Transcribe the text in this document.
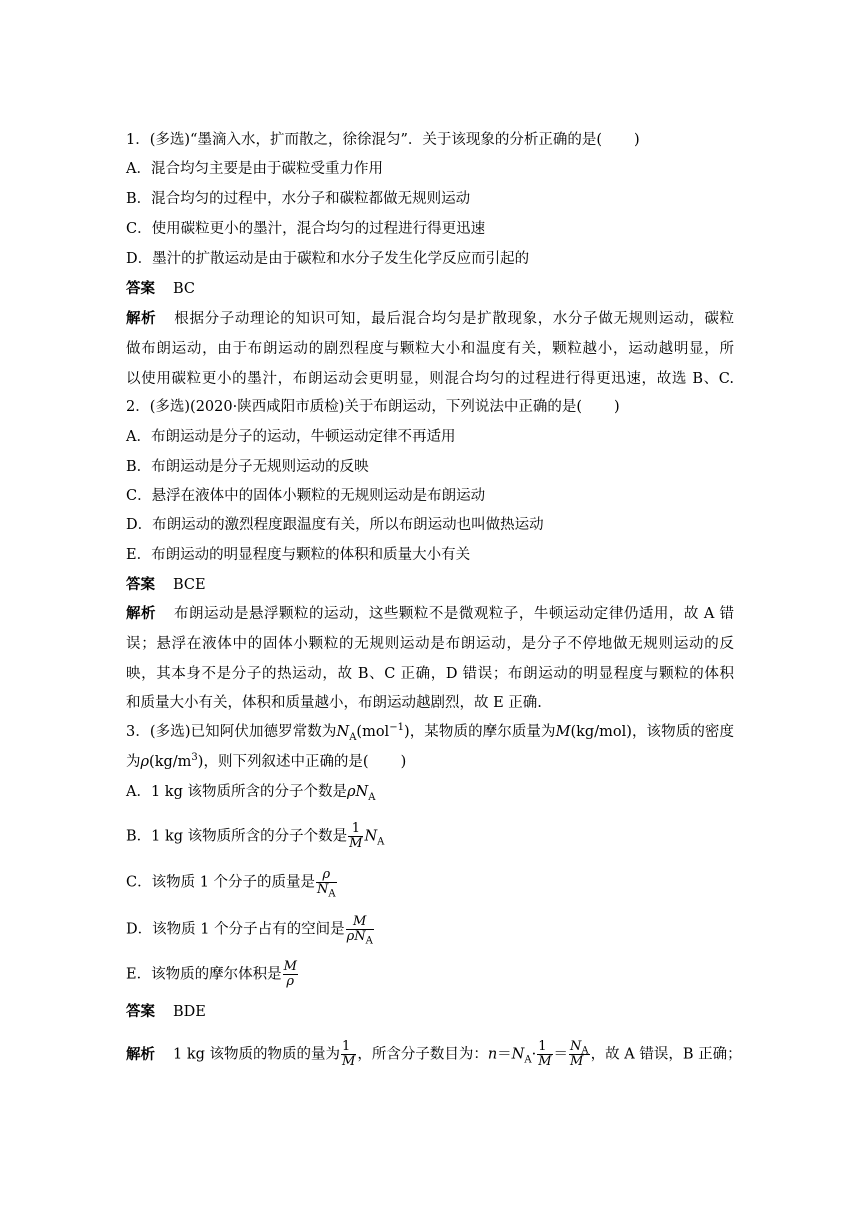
1．(多选)“墨滴入水，扩而散之，徐徐混匀”．关于该现象的分析正确的是( )
A．混合均匀主要是由于碳粒受重力作用
B．混合均匀的过程中，水分子和碳粒都做无规则运动
C．使用碳粒更小的墨汁，混合均匀的过程进行得更迅速
D．墨汁的扩散运动是由于碳粒和水分子发生化学反应而引起的
答案 BC
解析 根据分子动理论的知识可知，最后混合均匀是扩散现象，水分子做无规则运动，碳粒
做布朗运动，由于布朗运动的剧烈程度与颗粒大小和温度有关，颗粒越小，运动越明显，所
以使用碳粒更小的墨汁，布朗运动会更明显，则混合均匀的过程进行得更迅速，故选 B、C.
2．(多选)(2020·陕西咸阳市质检)关于布朗运动，下列说法中正确的是( )
A．布朗运动是分子的运动，牛顿运动定律不再适用
B．布朗运动是分子无规则运动的反映
C．悬浮在液体中的固体小颗粒的无规则运动是布朗运动
D．布朗运动的激烈程度跟温度有关，所以布朗运动也叫做热运动
E．布朗运动的明显程度与颗粒的体积和质量大小有关
答案 BCE
解析 布朗运动是悬浮颗粒的运动，这些颗粒不是微观粒子，牛顿运动定律仍适用，故 A 错
误；悬浮在液体中的固体小颗粒的无规则运动是布朗运动，是分子不停地做无规则运动的反
映，其本身不是分子的热运动，故 B、C 正确，D 错误；布朗运动的明显程度与颗粒的体积
和质量大小有关，体积和质量越小，布朗运动越剧烈，故 E 正确.
3．(多选)已知阿伏加德罗常数为$N_A(mol^{-1})$，某物质的摩尔质量为M(kg/mol)，该物质的密度
为$\rho(kg/m^3)$，则下列叙述中正确的是( )
A．1 kg 该物质所含的分子个数是$\rho N_A$
B．1 kg 该物质所含的分子个数是 $\frac{1}{M} N_A$
C．该物质 1 个分子的质量是 $\frac{\rho}{N_A}$
D．该物质 1 个分子占有的空间是 $\frac{M}{\rho N_A}$
E．该物质的摩尔体积是 $\frac{M}{\rho}$
答案 BDE
解析 1 kg 该物质的物质的量为 $\frac{1}{M}$ ，所含分子数目为：$n=N_A\cdot \frac{1}{M} = \frac{N_A}{M}$ ，故 A 错误，B 正确；
